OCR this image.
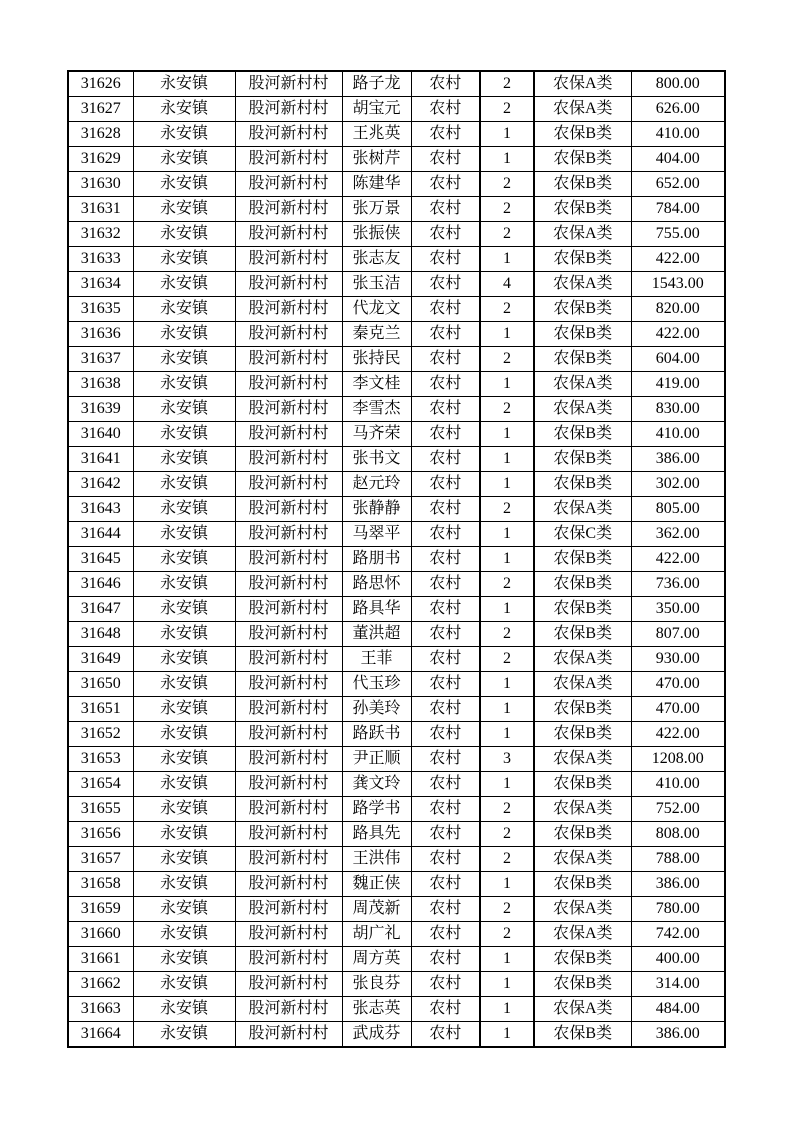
31626	永安镇	股河新村村	路子龙	农村	2	农保A类	800.00
31627	永安镇	股河新村村	胡宝元	农村	2	农保A类	626.00
31628	永安镇	股河新村村	王兆英	农村	1	农保B类	410.00
31629	永安镇	股河新村村	张树芹	农村	1	农保B类	404.00
31630	永安镇	股河新村村	陈建华	农村	2	农保B类	652.00
31631	永安镇	股河新村村	张万景	农村	2	农保B类	784.00
31632	永安镇	股河新村村	张振侠	农村	2	农保A类	755.00
31633	永安镇	股河新村村	张志友	农村	1	农保B类	422.00
31634	永安镇	股河新村村	张玉洁	农村	4	农保A类	1543.00
31635	永安镇	股河新村村	代龙文	农村	2	农保B类	820.00
31636	永安镇	股河新村村	秦克兰	农村	1	农保B类	422.00
31637	永安镇	股河新村村	张持民	农村	2	农保B类	604.00
31638	永安镇	股河新村村	李文桂	农村	1	农保A类	419.00
31639	永安镇	股河新村村	李雪杰	农村	2	农保A类	830.00
31640	永安镇	股河新村村	马齐荣	农村	1	农保B类	410.00
31641	永安镇	股河新村村	张书文	农村	1	农保B类	386.00
31642	永安镇	股河新村村	赵元玲	农村	1	农保B类	302.00
31643	永安镇	股河新村村	张静静	农村	2	农保A类	805.00
31644	永安镇	股河新村村	马翠平	农村	1	农保C类	362.00
31645	永安镇	股河新村村	路朋书	农村	1	农保B类	422.00
31646	永安镇	股河新村村	路思怀	农村	2	农保B类	736.00
31647	永安镇	股河新村村	路具华	农村	1	农保B类	350.00
31648	永安镇	股河新村村	董洪超	农村	2	农保B类	807.00
31649	永安镇	股河新村村	王菲	农村	2	农保A类	930.00
31650	永安镇	股河新村村	代玉珍	农村	1	农保A类	470.00
31651	永安镇	股河新村村	孙美玲	农村	1	农保B类	470.00
31652	永安镇	股河新村村	路跃书	农村	1	农保B类	422.00
31653	永安镇	股河新村村	尹正顺	农村	3	农保A类	1208.00
31654	永安镇	股河新村村	龚文玲	农村	1	农保B类	410.00
31655	永安镇	股河新村村	路学书	农村	2	农保A类	752.00
31656	永安镇	股河新村村	路具先	农村	2	农保B类	808.00
31657	永安镇	股河新村村	王洪伟	农村	2	农保A类	788.00
31658	永安镇	股河新村村	魏正侠	农村	1	农保B类	386.00
31659	永安镇	股河新村村	周茂新	农村	2	农保A类	780.00
31660	永安镇	股河新村村	胡广礼	农村	2	农保A类	742.00
31661	永安镇	股河新村村	周方英	农村	1	农保B类	400.00
31662	永安镇	股河新村村	张良芬	农村	1	农保B类	314.00
31663	永安镇	股河新村村	张志英	农村	1	农保A类	484.00
31664	永安镇	股河新村村	武成芬	农村	1	农保B类	386.00
